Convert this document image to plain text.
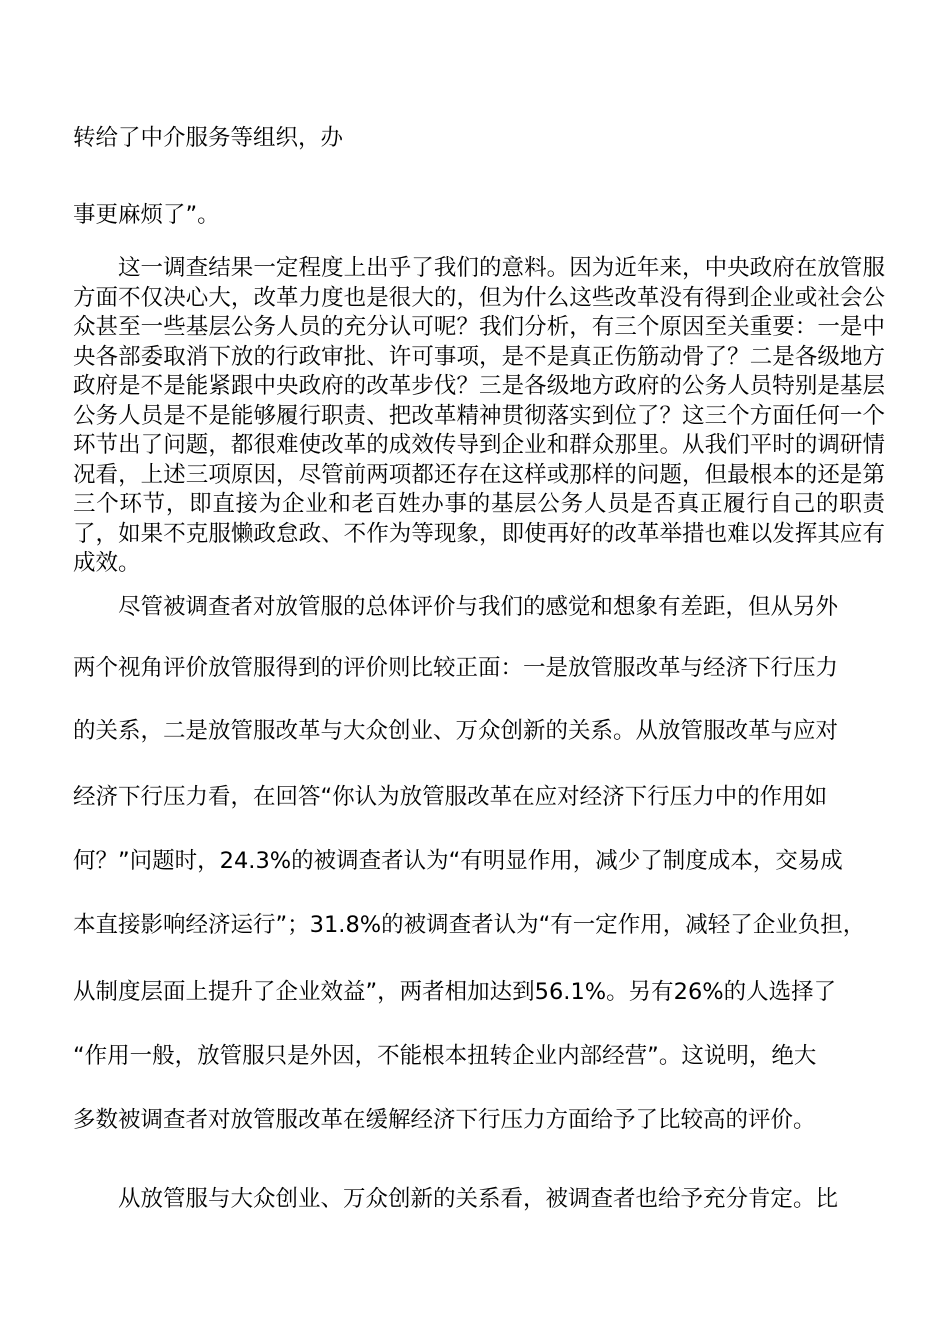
转给了中介服务等组织，办
事更麻烦了”。
这一调查结果一定程度上出乎了我们的意料。因为近年来，中央政府在放管服方面不仅决心大，改革力度也是很大的，但为什么这些改革没有得到企业或社会公众甚至一些基层公务人员的充分认可呢？我们分析，有三个原因至关重要：一是中央各部委取消下放的行政审批、许可事项，是不是真正伤筋动骨了？二是各级地方政府是不是能紧跟中央政府的改革步伐？三是各级地方政府的公务人员特别是基层公务人员是不是能够履行职责、把改革精神贯彻落实到位了？这三个方面任何一个环节出了问题，都很难使改革的成效传导到企业和群众那里。从我们平时的调研情况看，上述三项原因，尽管前两项都还存在这样或那样的问题，但最根本的还是第三个环节，即直接为企业和老百姓办事的基层公务人员是否真正履行自己的职责了，如果不克服懒政怠政、不作为等现象，即使再好的改革举措也难以发挥其应有成效。
尽管被调查者对放管服的总体评价与我们的感觉和想象有差距，但从另外
两个视角评价放管服得到的评价则比较正面：一是放管服改革与经济下行压力
的关系，二是放管服改革与大众创业、万众创新的关系。从放管服改革与应对
经济下行压力看，在回答“你认为放管服改革在应对经济下行压力中的作用如
何？”问题时，24.3%的被调查者认为“有明显作用，减少了制度成本，交易成
本直接影响经济运行”；31.8%的被调查者认为“有一定作用，减轻了企业负担，
从制度层面上提升了企业效益”，两者相加达到56.1%。另有26%的人选择了
“作用一般，放管服只是外因，不能根本扭转企业内部经营”。这说明，绝大
多数被调查者对放管服改革在缓解经济下行压力方面给予了比较高的评价。
从放管服与大众创业、万众创新的关系看，被调查者也给予充分肯定。比
